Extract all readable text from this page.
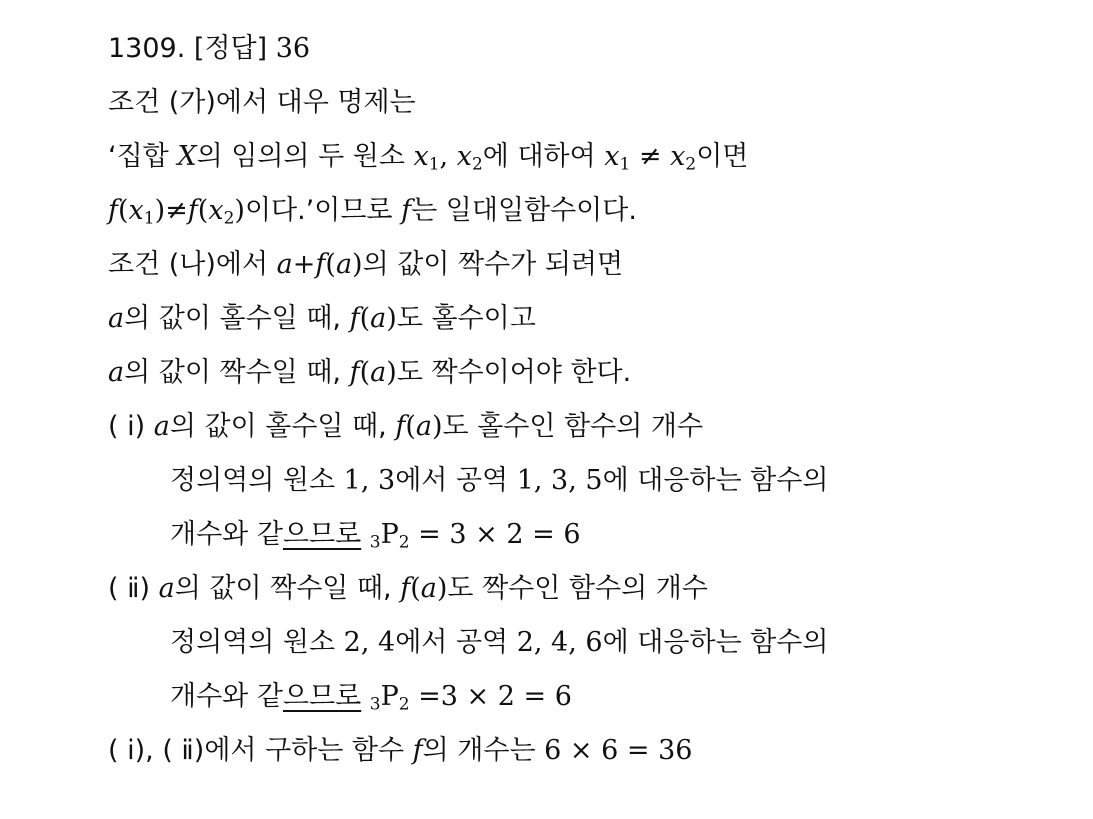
1309. [정답] 36
조건 (가)에서 대우 명제는
‘집합 X의 임의의 두 원소 $x_1$, $x_2$에 대하여 $x_1 \ne x_2$이면
$f(x_1)\ne f(x_2)$이다.’이므로 f는 일대일함수이다.
조건 (나)에서 a+f(a)의 값이 짝수가 되려면
a의 값이 홀수일 때, f(a)도 홀수이고
a의 값이 짝수일 때, f(a)도 짝수이어야 한다.
( ⅰ) a의 값이 홀수일 때, f(a)도 홀수인 함수의 개수
정의역의 원소 1, 3에서 공역 1, 3, 5에 대응하는 함수의
개수와 같으므로 $_3P_2 = 3 \times 2 = 6$
( ⅱ) a의 값이 짝수일 때, f(a)도 짝수인 함수의 개수
정의역의 원소 2, 4에서 공역 2, 4, 6에 대응하는 함수의
개수와 같으므로 $_3P_2 =3 \times 2 = 6$
( ⅰ), ( ⅱ)에서 구하는 함수 f의 개수는 6 × 6 = 36
